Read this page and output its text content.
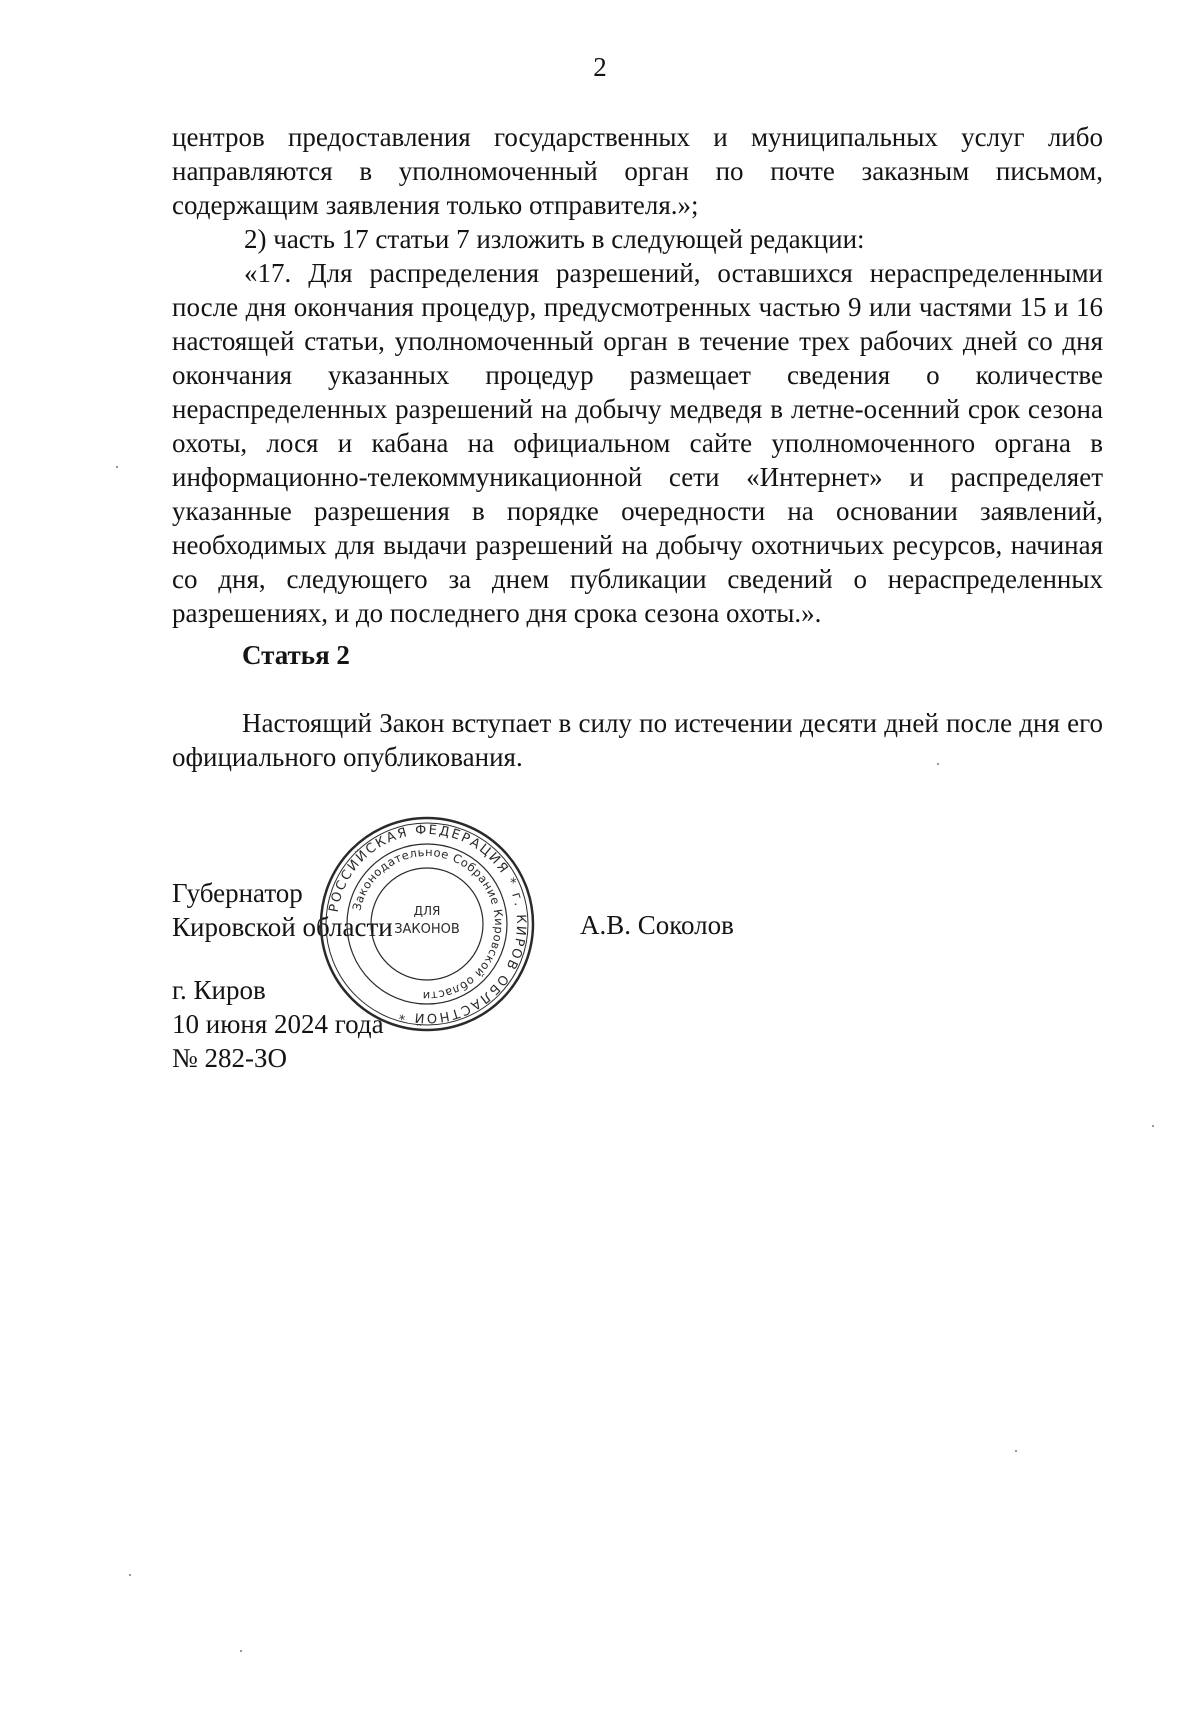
2

центров предоставления государственных и муниципальных услуг либо направляются в уполномоченный орган по почте заказным письмом, содержащим заявления только отправителя.»;

2) часть 17 статьи 7 изложить в следующей редакции:

«17. Для распределения разрешений, оставшихся нераспределенными после дня окончания процедур, предусмотренных частью 9 или частями 15 и 16 настоящей статьи, уполномоченный орган в течение трех рабочих дней со дня окончания указанных процедур размещает сведения о количестве нераспределенных разрешений на добычу медведя в летне-осенний срок сезона охоты, лося и кабана на официальном сайте уполномоченного органа в информационно-телекоммуникационной сети «Интернет» и распределяет указанные разрешения в порядке очередности на основании заявлений, необходимых для выдачи разрешений на добычу охотничьих ресурсов, начиная со дня, следующего за днем публикации сведений о нераспределенных разрешениях, и до последнего дня срока сезона охоты.».

Статья 2

Настоящий Закон вступает в силу по истечении десяти дней после дня его официального опубликования.

Губернатор
Кировской области	А.В. Соколов
г. Киров
10 июня 2024 года
№ 282-ЗО
РОССИЙСКАЯ ФЕДЕРАЦИЯ * г. КИРОВ ОБЛАСТНОЙ *
Законодательное Собрание Кировской области
ДЛЯ
ЗАКОНОВ
